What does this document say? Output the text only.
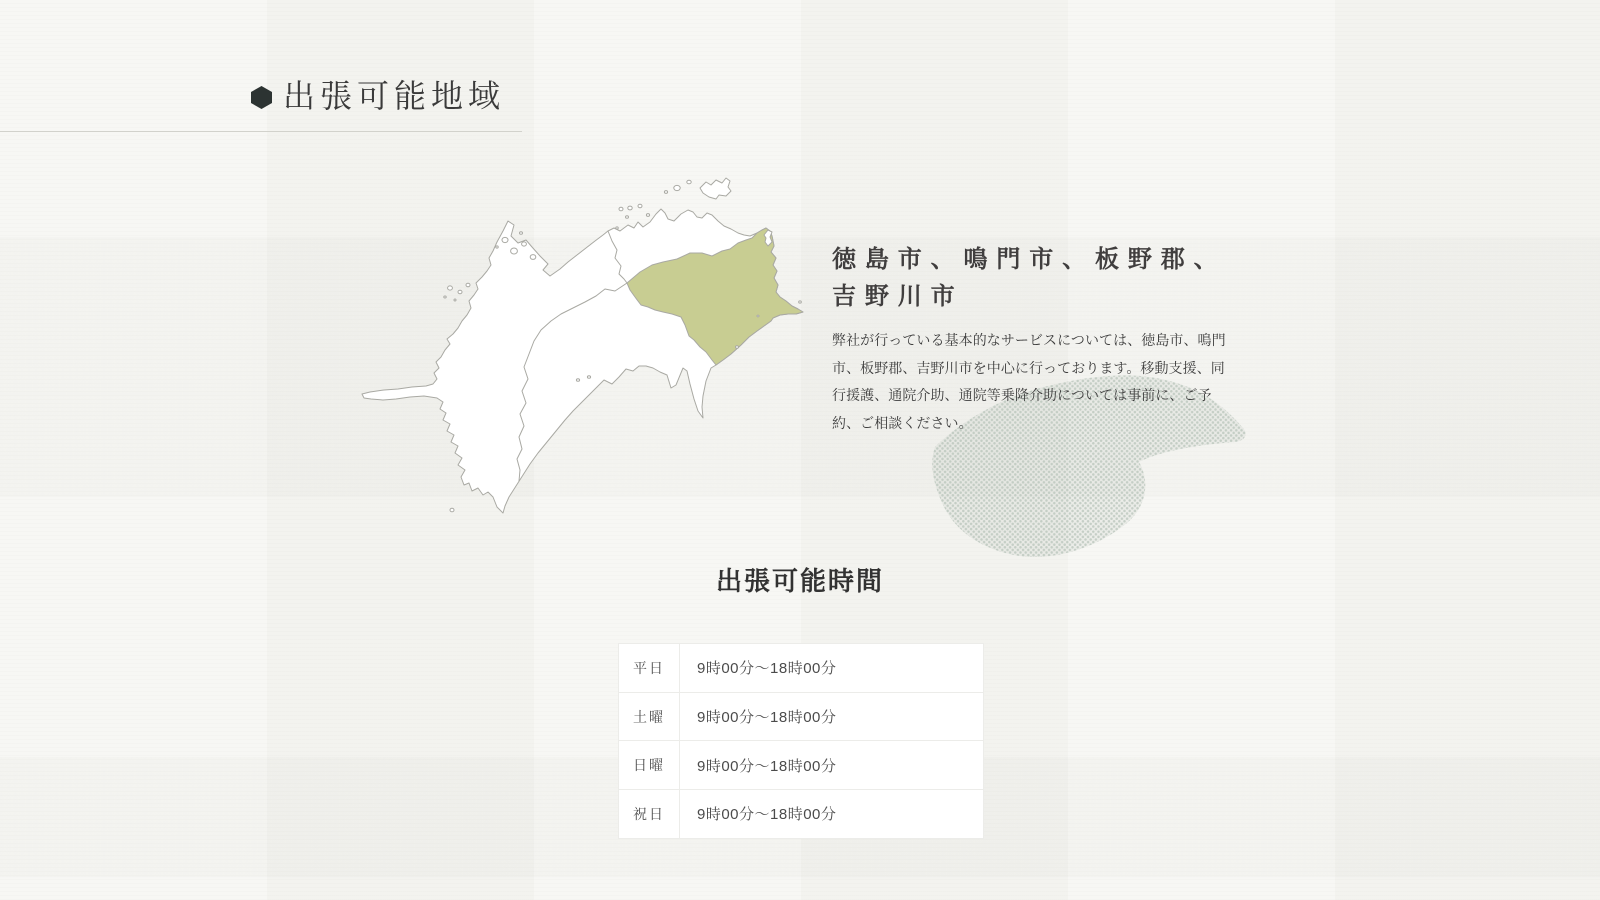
出張可能地域
徳島市、鳴門市、板野郡、吉野川市

弊社が行っている基本的なサービスについては、徳島市、鳴門市、板野郡、吉野川市を中心に行っております。移動支援、同行援護、通院介助、通院等乗降介助については事前に、ご予約、ご相談ください。

出張可能時間
平日	9時00分〜18時00分
土曜	9時00分〜18時00分
日曜	9時00分〜18時00分
祝日	9時00分〜18時00分
